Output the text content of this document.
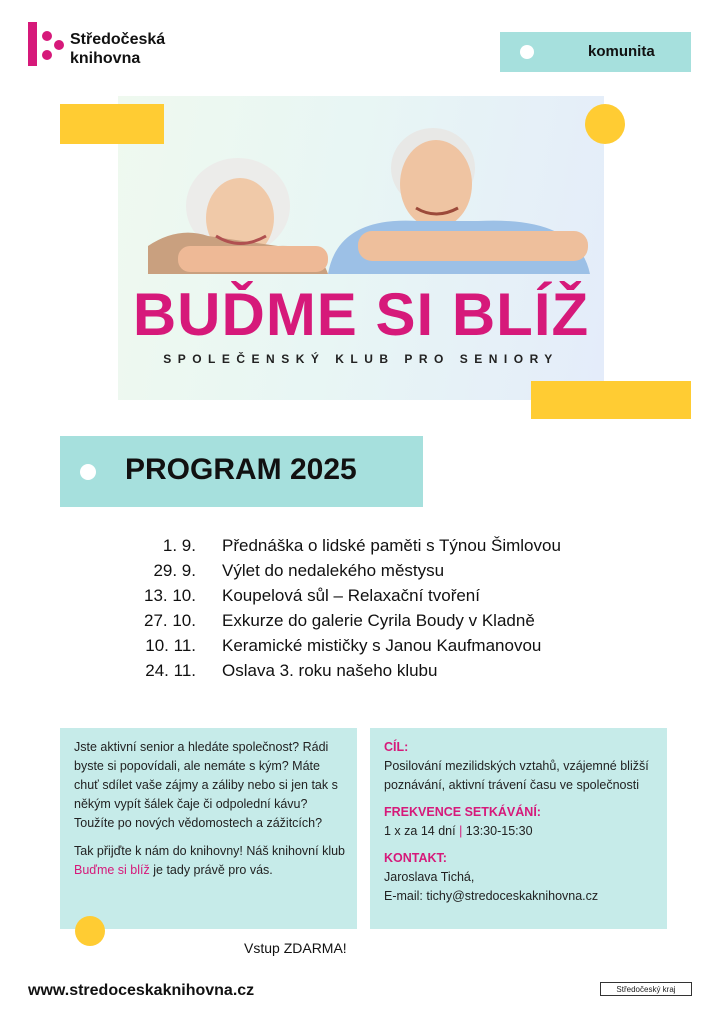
Středočeská
knihovna	komunita
BUĎME SI BLÍŽ
SPOLEČENSKÝ KLUB PRO SENIORY
PROGRAM 2025
1. 9. Přednáška o lidské paměti s Týnou Šimlovou
29. 9. Výlet do nedalekého městysu
13. 10. Koupelová sůl – Relaxační tvoření
27. 10. Exkurze do galerie Cyrila Boudy v Kladně
10. 11. Keramické mističky s Janou Kaufmanovou
24. 11. Oslava 3. roku našeho klubu
Jste aktivní senior a hledáte společnost? Rádi byste si popovídali, ale nemáte s kým? Máte chuť sdílet vaše zájmy a záliby nebo si jen tak s někým vypít šálek čaje či odpolední kávu? Toužíte po nových vědomostech a zážitcích?
Tak přijďte k nám do knihovny! Náš knihovní klub Buďme si blíž je tady právě pro vás.
CÍL:
Posilování mezilidských vztahů, vzájemné bližší poznávání, aktivní trávení času ve společnosti
FREKVENCE SETKÁVÁNÍ:
1 x za 14 dní | 13:30-15:30
KONTAKT:
Jaroslava Tichá,
E-mail: tichy@stredoceskaknihovna.cz
Vstup ZDARMA!
www.stredoceskaknihovna.cz	Středočeský kraj
